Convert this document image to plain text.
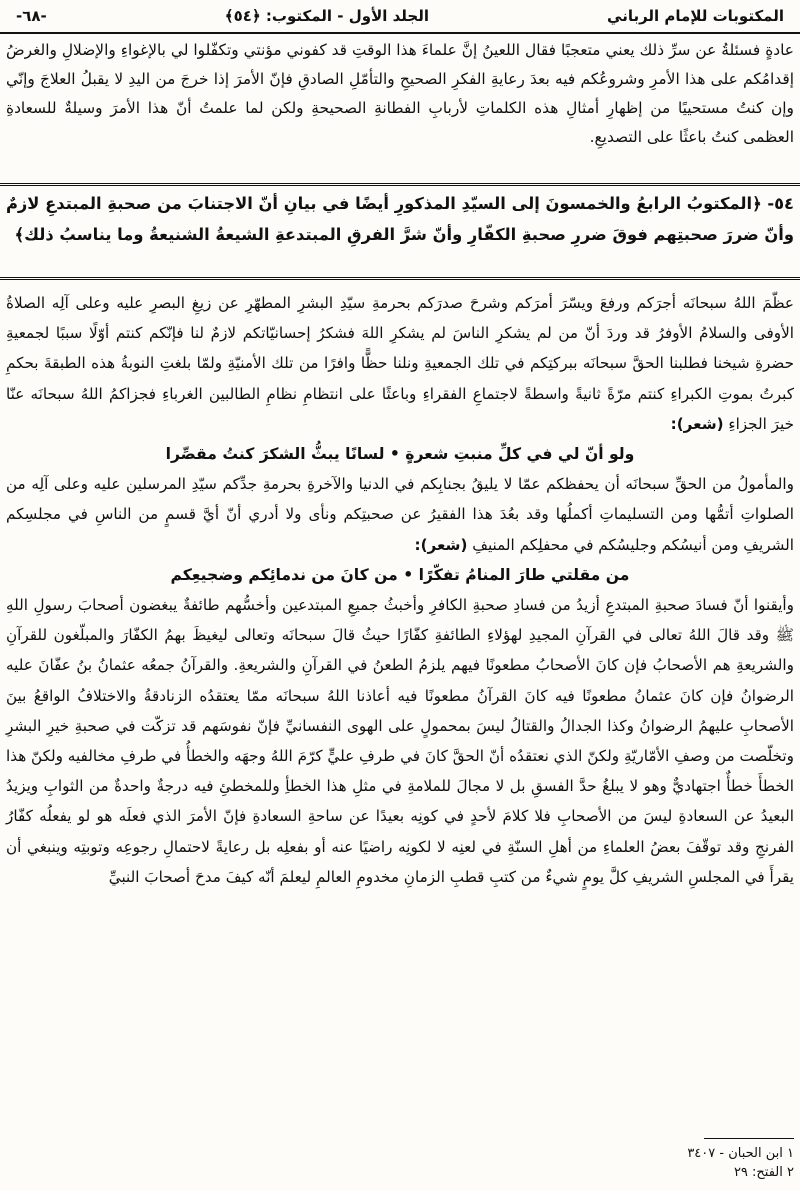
المكتوبات للإمام الرباني
الجلد الأول - المكتوب: ﴿٥٤﴾
-٦٨-

عادةٍ فسئلةُ عن سرِّ ذلك يعني متعجبًا فقال اللعينُ إنَّ علماءَ هذا الوقتِ قد كفوني مؤنتي وتكفّلوا لي بالإغواءِ والإضلالِ والغرضُ إقدامُكم على هذا الأمرِ وشروعُكم فيه بعدَ رعايةِ الفكرِ الصحيحِ والتأمّلِ الصادقِ فإنّ الأمرَ إذا خرجَ من اليدِ لا يقبلُ العلاجَ وإنّي وإن كنتُ مستحييًا من إظهارِ أمثالِ هذه الكلماتِ لأربابِ الفطانةِ الصحيحةِ ولكن لما علمتُ أنّ هذا الأمرَ وسيلةٌ للسعادةِ العظمى كنتُ باعثًا على التصديعِ.

٥٤- ﴿المكتوبُ الرابعُ والخمسونَ إلى السيّدِ المذكورِ أيضًا في بيانِ أنّ الاجتنابَ من صحبةِ المبتدعِ لازمٌ وأنّ ضررَ صحبتِهم فوقَ ضررِ صحبةِ الكفّارِ وأنّ شرَّ الفرقِ المبتدعةِ الشيعةُ الشنيعةُ وما يناسبُ ذلك﴾

عظّمَ اللهُ سبحانَه أجرَكم ورفعَ ويسّرَ أمرَكم وشرحَ صدرَكم بحرمةِ سيّدِ البشرِ المطهّرِ عن زيغِ البصرِ عليه وعلى آلِه الصلاةُ الأوفى والسلامُ الأوفرُ قد وردَ أنّ من لم يشكرِ الناسَ لم يشكرِ اللهَ فشكرُ إحسانيّاتكم لازمٌ لنا فإنّكم كنتم أوّلًا سببًا لجمعيةِ حضرةِ شيخنا فطلبنا الحقَّ سبحانَه ببركتِكم في تلك الجمعيةِ ونلنا حظًّا وافرًا من تلك الأمنيّةِ ولمّا بلغتِ النوبةُ هذه الطبقةَ بحكمِ كبرتُ بموتِ الكبراءِ كنتم مرّةً ثانيةً واسطةً لاجتماعِ الفقراءِ وباعثًا على انتظامِ نظامِ الطالبين الغرباءِ فجزاكمُ اللهُ سبحانَه عنّا خيرَ الجزاءِ (شعر):

ولو أنّ لي في كلِّ منبتِ شعرةٍ • لسانًا يبثُّ الشكرَ كنتُ مقصِّرا

والمأمولُ من الحقِّ سبحانَه أن يحفظكم عمّا لا يليقُ بجنابِكم في الدنيا والآخرةِ بحرمةِ جدِّكم سيّدِ المرسلين عليه وعلى آلِه من الصلواتِ أتمُّها ومن التسليماتِ أكملُها وقد بعُدَ هذا الفقيرُ عن صحبتِكم ونأى ولا أدري أنّ أيَّ قسمٍ من الناسِ في مجلسِكم الشريفِ ومن أنيسُكم وجليسُكم في محفلِكم المنيفِ (شعر):

من مقلتي طارَ المنامُ تفكّرًا • من كانَ من ندمائِكم وضجيعِكم

وأيقنوا أنّ فسادَ صحبةِ المبتدعِ أزيدُ من فسادِ صحبةِ الكافرِ وأخبثُ جميعِ المبتدعين وأخسُّهم طائفةٌ يبغضون أصحابَ رسولِ اللهِ ﷺ وقد قالَ اللهُ تعالى في القرآنِ المجيدِ لهؤلاءِ الطائفةِ كفّارًا حيثُ قالَ سبحانَه وتعالى ليغيظَ بهمُ الكفّارَ والمبلّغون للقرآنِ والشريعةِ هم الأصحابُ فإن كانَ الأصحابُ مطعونًا فيهم يلزمُ الطعنُ في القرآنِ والشريعةِ. والقرآنُ جمعُه عثمانُ بنُ عفّانَ عليه الرضوانُ فإن كانَ عثمانُ مطعونًا فيه كانَ القرآنُ مطعونًا فيه أعاذنا اللهُ سبحانَه ممّا يعتقدُه الزنادقةُ والاختلافُ الواقعُ بينَ الأصحابِ عليهمُ الرضوانُ وكذا الجدالُ والقتالُ ليسَ بمحمولٍ على الهوى النفسانيِّ فإنّ نفوسَهم قد تزكّت في صحبةِ خيرِ البشرِ وتخلّصت من وصفِ الأمّاريّةِ ولكنّ الذي نعتقدُه أنّ الحقَّ كانَ في طرفِ عليٍّ كرّمَ اللهُ وجهَه والخطأُ في طرفِ مخالفيه ولكنّ هذا الخطأَ خطأٌ اجتهاديٌّ وهو لا يبلغُ حدَّ الفسقِ بل لا مجالَ للملامةِ في مثلِ هذا الخطأِ وللمخطئِ فيه درجةٌ واحدةٌ من الثوابِ ويزيدُ البعيدُ عن السعادةِ ليسَ من الأصحابِ فلا كلامَ لأحدٍ في كونِه بعيدًا عن ساحةِ السعادةِ فإنّ الأمرَ الذي فعلَه هو لو يفعلُه كفّارُ الفرنجِ وقد توقّفَ بعضُ العلماءِ من أهلِ السنّةِ في لعنِه لا لكونِه راضيًا عنه أو بفعلِه بل رعايةً لاحتمالِ رجوعِه وتوبتِه وينبغي أن يقرأَ في المجلسِ الشريفِ كلَّ يومٍ شيءٌ من كتبِ قطبِ الزمانِ مخدومِ العالمِ ليعلمَ أنّه كيفَ مدحَ أصحابَ النبيِّ

١ ابن الحبان - ٣٤٠٧
٢ الفتح: ٢٩
